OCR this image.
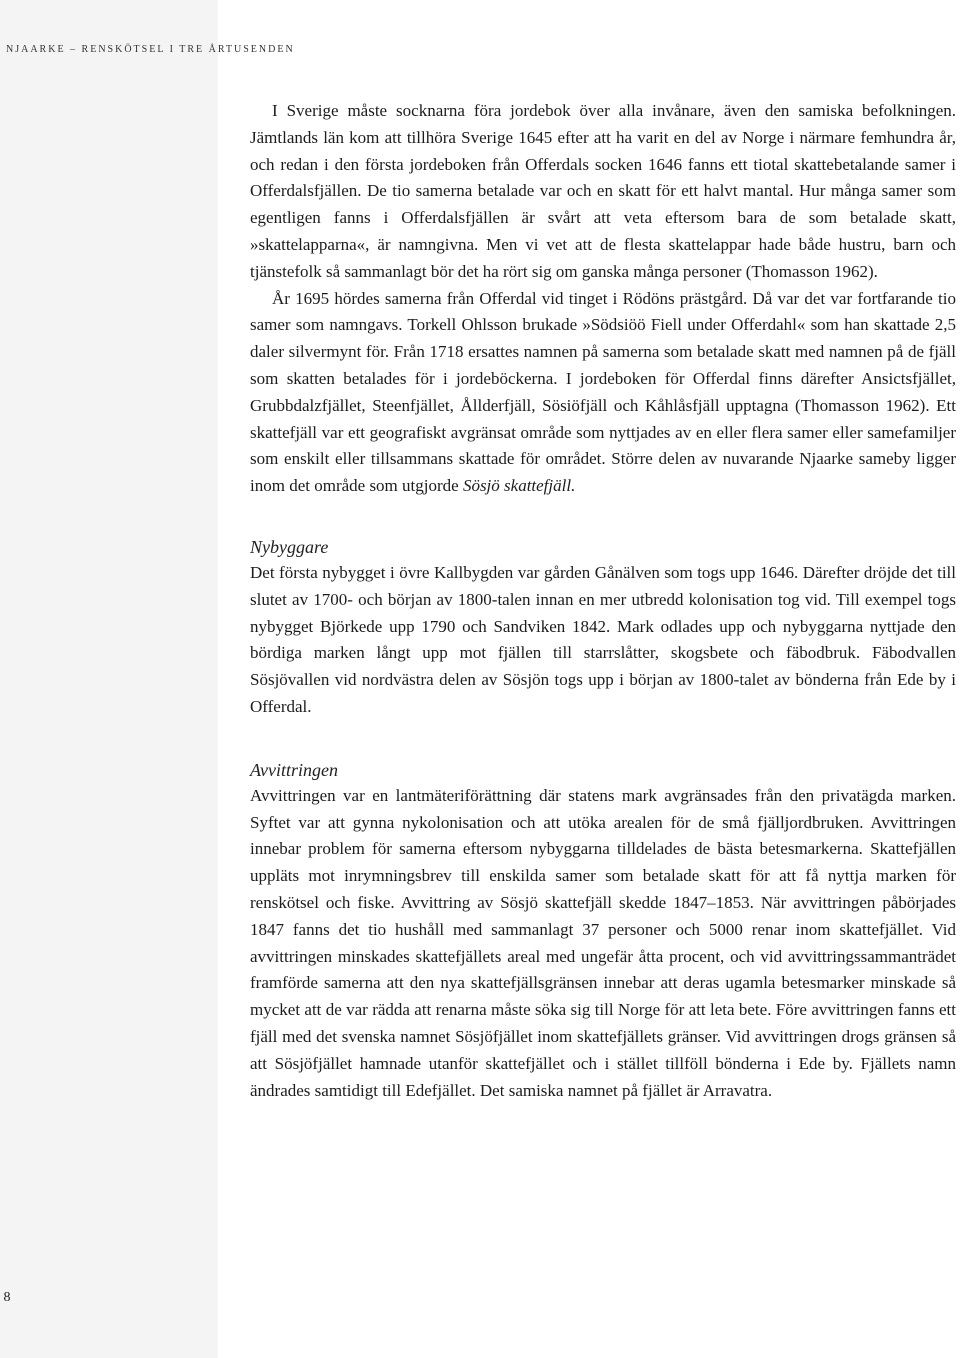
NJAARKE – RENSKÖTSEL I TRE ÅRTUSENDEN
8

I Sverige måste socknarna föra jordebok över alla invånare, även den samiska befolkningen. Jämtlands län kom att tillhöra Sverige 1645 efter att ha varit en del av Norge i närmare femhundra år, och redan i den första jordeboken från Offerdals socken 1646 fanns ett tiotal skattebetalande samer i Offerdalsfjällen. De tio samerna betalade var och en skatt för ett halvt mantal. Hur många samer som egentligen fanns i Offerdalsfjällen är svårt att veta eftersom bara de som betalade skatt, »skattelapparna«, är namngivna. Men vi vet att de flesta skattelappar hade både hustru, barn och tjänstefolk så sammanlagt bör det ha rört sig om ganska många personer (Thomasson 1962).

År 1695 hördes samerna från Offerdal vid tinget i Rödöns prästgård. Då var det var fortfarande tio samer som namngavs. Torkell Ohlsson brukade »Södsiöö Fiell under Offerdahl« som han skattade 2,5 daler silvermynt för. Från 1718 ersattes namnen på samerna som betalade skatt med namnen på de fjäll som skatten betalades för i jordeböckerna. I jordeboken för Offerdal finns därefter Ansictsfjället, Grubbdalzfjället, Steenfjället, Ållderfjäll, Sösiöfjäll och Kåhlåsfjäll upptagna (Thomasson 1962). Ett skattefjäll var ett geografiskt avgränsat område som nyttjades av en eller flera samer eller samefamiljer som enskilt eller tillsammans skattade för området. Större delen av nuvarande Njaarke sameby ligger inom det område som utgjorde Sösjö skattefjäll.

Nybyggare

Det första nybygget i övre Kallbygden var gården Gånälven som togs upp 1646. Därefter dröjde det till slutet av 1700- och början av 1800-talen innan en mer utbredd kolonisation tog vid. Till exempel togs nybygget Björkede upp 1790 och Sandviken 1842. Mark odlades upp och nybyggarna nyttjade den bördiga marken långt upp mot fjällen till starrslåtter, skogsbete och fäbodbruk. Fäbodvallen Sösjövallen vid nordvästra delen av Sösjön togs upp i början av 1800-talet av bönderna från Ede by i Offerdal.

Avvittringen

Avvittringen var en lantmäteriförättning där statens mark avgränsades från den privatägda marken. Syftet var att gynna nykolonisation och att utöka arealen för de små fjälljordbruken. Avvittringen innebar problem för samerna eftersom nybyggarna tilldelades de bästa betesmarkerna. Skattefjällen uppläts mot inrymningsbrev till enskilda samer som betalade skatt för att få nyttja marken för renskötsel och fiske. Avvittring av Sösjö skattefjäll skedde 1847–1853. När avvittringen påbörjades 1847 fanns det tio hushåll med sammanlagt 37 personer och 5000 renar inom skattefjället. Vid avvittringen minskades skattefjällets areal med ungefär åtta procent, och vid avvittringssammanträdet framförde samerna att den nya skattefjällsgränsen innebar att deras ugamla betesmarker minskade så mycket att de var rädda att renarna måste söka sig till Norge för att leta bete. Före avvittringen fanns ett fjäll med det svenska namnet Sösjöfjället inom skattefjällets gränser. Vid avvittringen drogs gränsen så att Sösjöfjället hamnade utanför skattefjället och i stället tillföll bönderna i Ede by. Fjällets namn ändrades samtidigt till Edefjället. Det samiska namnet på fjället är Arravatra.
